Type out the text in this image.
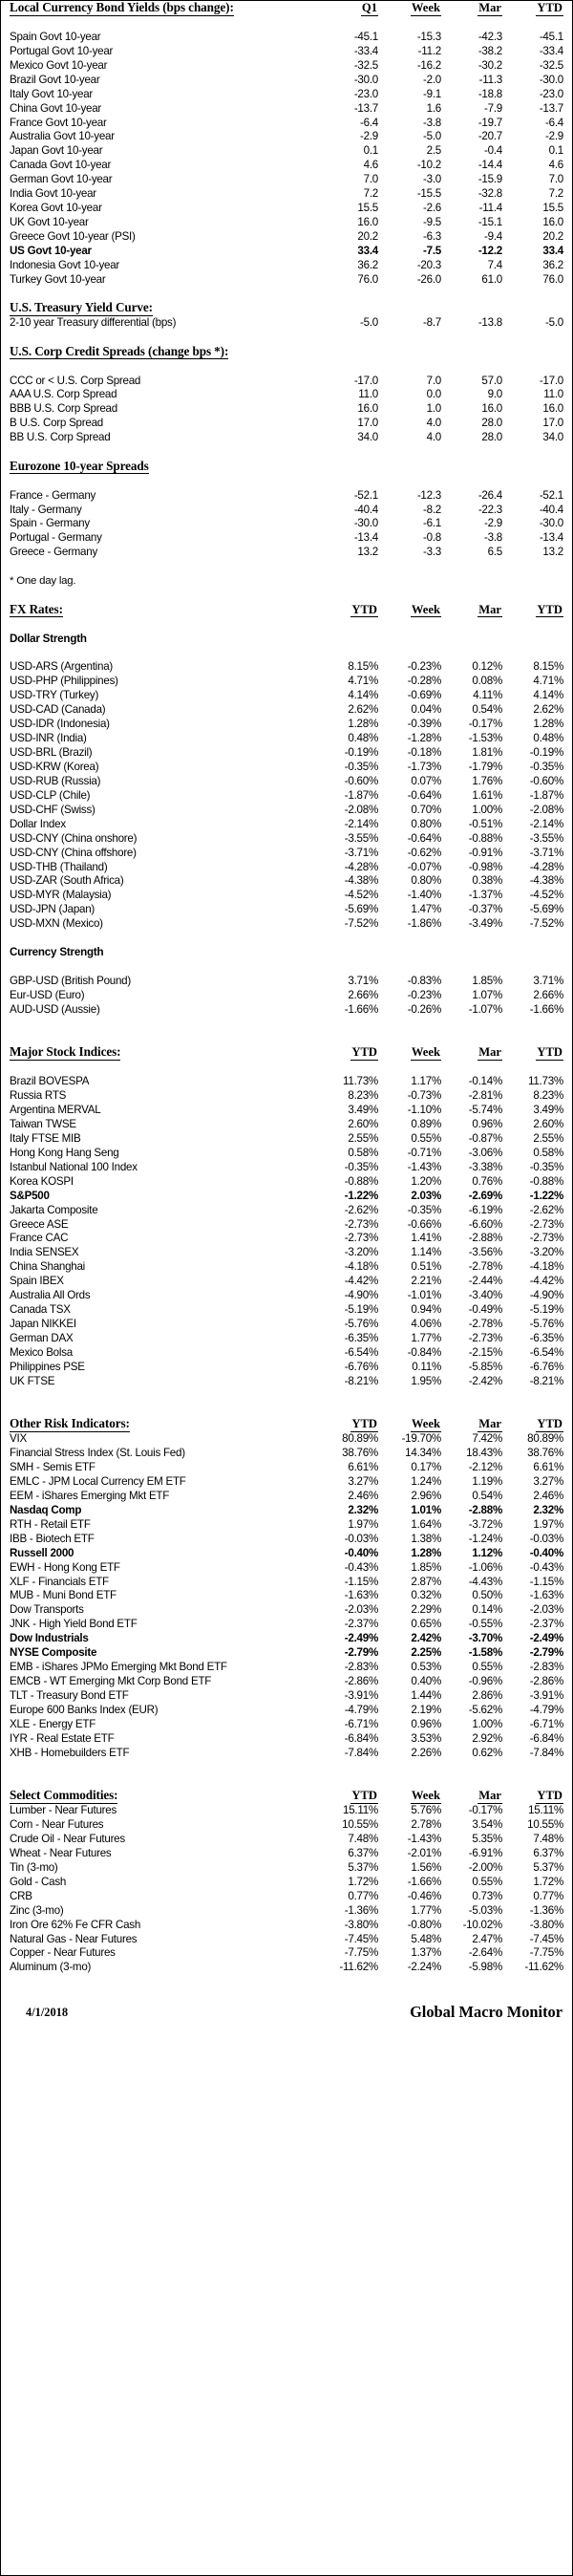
Local Currency Bond Yields (bps change):	Q1	Week	Mar	YTD

Spain Govt 10-year	-45.1	-15.3	-42.3	-45.1
Portugal Govt 10-year	-33.4	-11.2	-38.2	-33.4
Mexico Govt 10-year	-32.5	-16.2	-30.2	-32.5
Brazil Govt 10-year	-30.0	-2.0	-11.3	-30.0
Italy Govt 10-year	-23.0	-9.1	-18.8	-23.0
China Govt 10-year	-13.7	1.6	-7.9	-13.7
France Govt 10-year	-6.4	-3.8	-19.7	-6.4
Australia Govt 10-year	-2.9	-5.0	-20.7	-2.9
Japan Govt 10-year	0.1	2.5	-0.4	0.1
Canada Govt 10-year	4.6	-10.2	-14.4	4.6
German Govt 10-year	7.0	-3.0	-15.9	7.0
India Govt 10-year	7.2	-15.5	-32.8	7.2
Korea Govt 10-year	15.5	-2.6	-11.4	15.5
UK Govt 10-year	16.0	-9.5	-15.1	16.0
Greece Govt 10-year (PSI)	20.2	-6.3	-9.4	20.2
US Govt 10-year	33.4	-7.5	-12.2	33.4
Indonesia Govt 10-year	36.2	-20.3	7.4	36.2
Turkey Govt 10-year	76.0	-26.0	61.0	76.0

U.S. Treasury Yield Curve:				
2-10 year Treasury differential (bps)	-5.0	-8.7	-13.8	-5.0

U.S. Corp Credit Spreads (change bps *):				

CCC or < U.S. Corp Spread	-17.0	7.0	57.0	-17.0
AAA U.S. Corp Spread	11.0	0.0	9.0	11.0
BBB U.S. Corp Spread	16.0	1.0	16.0	16.0
B U.S. Corp Spread	17.0	4.0	28.0	17.0
BB U.S. Corp Spread	34.0	4.0	28.0	34.0

Eurozone 10-year Spreads				

France - Germany	-52.1	-12.3	-26.4	-52.1
Italy - Germany	-40.4	-8.2	-22.3	-40.4
Spain - Germany	-30.0	-6.1	-2.9	-30.0
Portugal - Germany	-13.4	-0.8	-3.8	-13.4
Greece - Germany	13.2	-3.3	6.5	13.2

* One day lag.				

FX Rates:	YTD	Week	Mar	YTD

Dollar Strength				

USD-ARS (Argentina)	8.15%	-0.23%	0.12%	8.15%
USD-PHP (Philippines)	4.71%	-0.28%	0.08%	4.71%
USD-TRY (Turkey)	4.14%	-0.69%	4.11%	4.14%
USD-CAD (Canada)	2.62%	0.04%	0.54%	2.62%
USD-IDR (Indonesia)	1.28%	-0.39%	-0.17%	1.28%
USD-INR (India)	0.48%	-1.28%	-1.53%	0.48%
USD-BRL (Brazil)	-0.19%	-0.18%	1.81%	-0.19%
USD-KRW (Korea)	-0.35%	-1.73%	-1.79%	-0.35%
USD-RUB (Russia)	-0.60%	0.07%	1.76%	-0.60%
USD-CLP (Chile)	-1.87%	-0.64%	1.61%	-1.87%
USD-CHF (Swiss)	-2.08%	0.70%	1.00%	-2.08%
Dollar Index	-2.14%	0.80%	-0.51%	-2.14%
USD-CNY (China onshore)	-3.55%	-0.64%	-0.88%	-3.55%
USD-CNY (China offshore)	-3.71%	-0.62%	-0.91%	-3.71%
USD-THB (Thailand)	-4.28%	-0.07%	-0.98%	-4.28%
USD-ZAR (South Africa)	-4.38%	0.80%	0.38%	-4.38%
USD-MYR (Malaysia)	-4.52%	-1.40%	-1.37%	-4.52%
USD-JPN (Japan)	-5.69%	1.47%	-0.37%	-5.69%
USD-MXN (Mexico)	-7.52%	-1.86%	-3.49%	-7.52%

Currency Strength				

GBP-USD (British Pound)	3.71%	-0.83%	1.85%	3.71%
Eur-USD (Euro)	2.66%	-0.23%	1.07%	2.66%
AUD-USD (Aussie)	-1.66%	-0.26%	-1.07%	-1.66%

Major Stock Indices:	YTD	Week	Mar	YTD

Brazil BOVESPA	11.73%	1.17%	-0.14%	11.73%
Russia RTS	8.23%	-0.73%	-2.81%	8.23%
Argentina MERVAL	3.49%	-1.10%	-5.74%	3.49%
Taiwan TWSE	2.60%	0.89%	0.96%	2.60%
Italy FTSE MIB	2.55%	0.55%	-0.87%	2.55%
Hong Kong Hang Seng	0.58%	-0.71%	-3.06%	0.58%
Istanbul National 100 Index	-0.35%	-1.43%	-3.38%	-0.35%
Korea KOSPI	-0.88%	1.20%	0.76%	-0.88%
S&P500	-1.22%	2.03%	-2.69%	-1.22%
Jakarta Composite	-2.62%	-0.35%	-6.19%	-2.62%
Greece ASE	-2.73%	-0.66%	-6.60%	-2.73%
France CAC	-2.73%	1.41%	-2.88%	-2.73%
India SENSEX	-3.20%	1.14%	-3.56%	-3.20%
China Shanghai	-4.18%	0.51%	-2.78%	-4.18%
Spain IBEX	-4.42%	2.21%	-2.44%	-4.42%
Australia All Ords	-4.90%	-1.01%	-3.40%	-4.90%
Canada TSX	-5.19%	0.94%	-0.49%	-5.19%
Japan NIKKEI	-5.76%	4.06%	-2.78%	-5.76%
German DAX	-6.35%	1.77%	-2.73%	-6.35%
Mexico Bolsa	-6.54%	-0.84%	-2.15%	-6.54%
Philippines PSE	-6.76%	0.11%	-5.85%	-6.76%
UK FTSE	-8.21%	1.95%	-2.42%	-8.21%

Other Risk Indicators:	YTD	Week	Mar	YTD
VIX	80.89%	-19.70%	7.42%	80.89%
Financial Stress Index (St. Louis Fed)	38.76%	14.34%	18.43%	38.76%
SMH - Semis ETF	6.61%	0.17%	-2.12%	6.61%
EMLC - JPM Local Currency EM ETF	3.27%	1.24%	1.19%	3.27%
EEM - iShares Emerging Mkt ETF	2.46%	2.96%	0.54%	2.46%
Nasdaq Comp	2.32%	1.01%	-2.88%	2.32%
RTH - Retail ETF	1.97%	1.64%	-3.72%	1.97%
IBB - Biotech ETF	-0.03%	1.38%	-1.24%	-0.03%
Russell 2000	-0.40%	1.28%	1.12%	-0.40%
EWH - Hong Kong ETF	-0.43%	1.85%	-1.06%	-0.43%
XLF - Financials ETF	-1.15%	2.87%	-4.43%	-1.15%
MUB - Muni Bond ETF	-1.63%	0.32%	0.50%	-1.63%
Dow Transports	-2.03%	2.29%	0.14%	-2.03%
JNK - High Yield Bond ETF	-2.37%	0.65%	-0.55%	-2.37%
Dow Industrials	-2.49%	2.42%	-3.70%	-2.49%
NYSE Composite	-2.79%	2.25%	-1.58%	-2.79%
EMB - iShares JPMo Emerging Mkt Bond ETF	-2.83%	0.53%	0.55%	-2.83%
EMCB - WT Emerging Mkt Corp Bond ETF	-2.86%	0.40%	-0.96%	-2.86%
TLT - Treasury Bond ETF	-3.91%	1.44%	2.86%	-3.91%
Europe 600 Banks Index (EUR)	-4.79%	2.19%	-5.62%	-4.79%
XLE - Energy ETF	-6.71%	0.96%	1.00%	-6.71%
IYR - Real Estate ETF	-6.84%	3.53%	2.92%	-6.84%
XHB - Homebuilders ETF	-7.84%	2.26%	0.62%	-7.84%

Select Commodities:	YTD	Week	Mar	YTD
Lumber - Near Futures	15.11%	5.76%	-0.17%	15.11%
Corn - Near Futures	10.55%	2.78%	3.54%	10.55%
Crude Oil - Near Futures	7.48%	-1.43%	5.35%	7.48%
Wheat - Near Futures	6.37%	-2.01%	-6.91%	6.37%
Tin (3-mo)	5.37%	1.56%	-2.00%	5.37%
Gold - Cash	1.72%	-1.66%	0.55%	1.72%
CRB	0.77%	-0.46%	0.73%	0.77%
Zinc (3-mo)	-1.36%	1.77%	-5.03%	-1.36%
Iron Ore 62% Fe CFR Cash	-3.80%	-0.80%	-10.02%	-3.80%
Natural Gas - Near Futures	-7.45%	5.48%	2.47%	-7.45%
Copper - Near Futures	-7.75%	1.37%	-2.64%	-7.75%
Aluminum (3-mo)	-11.62%	-2.24%	-5.98%	-11.62%

4/1/2018	Global Macro Monitor			
